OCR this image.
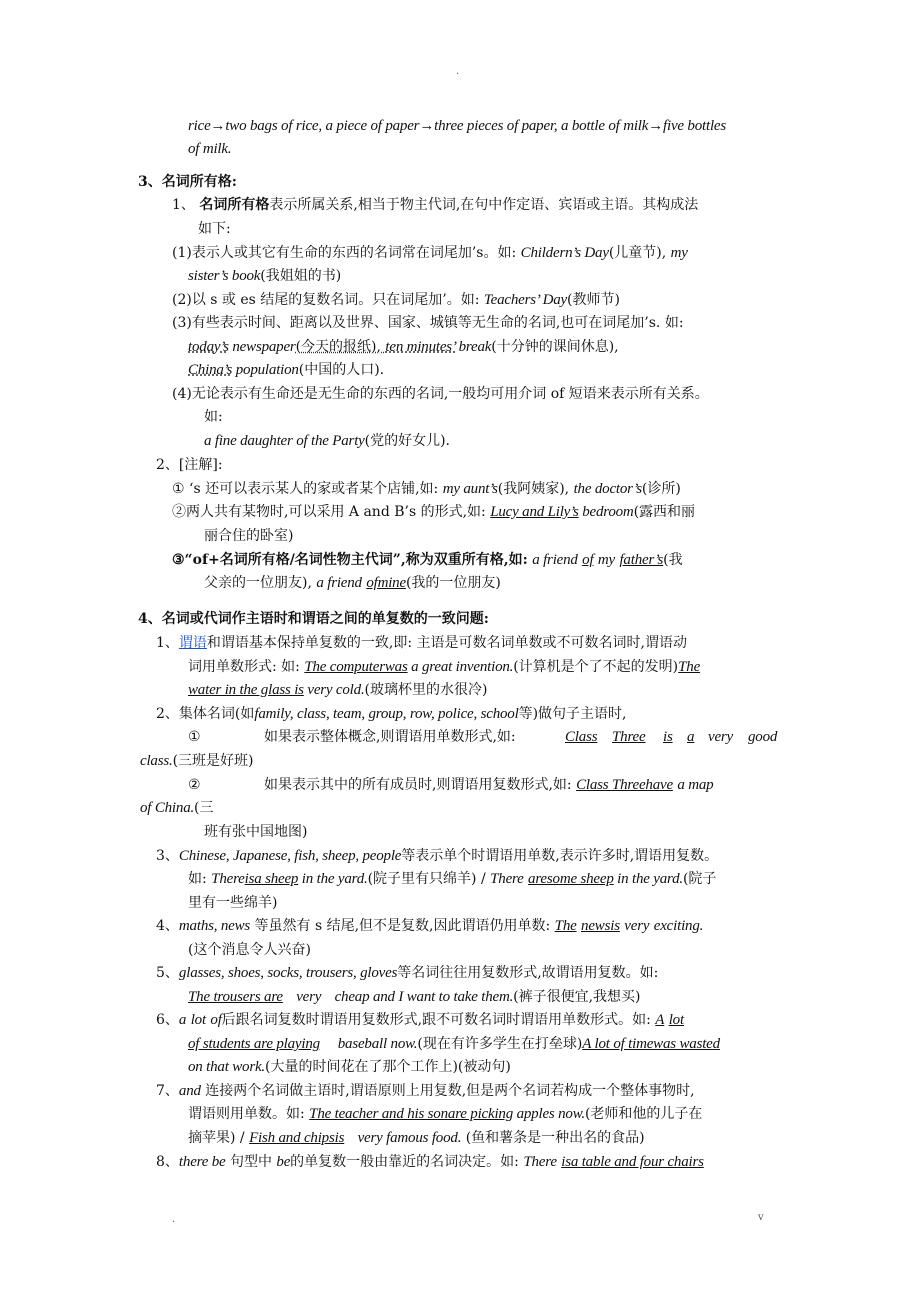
.
rice→two bags of rice, a piece of paper→three pieces of paper, a bottle of milk→five bottles
of milk.
3、名词所有格:
1、 名词所有格表示所属关系,相当于物主代词,在句中作定语、宾语或主语。其构成法
如下:
(1)表示人或其它有生命的东西的名词常在词尾加’s。如: Childern’s Day(儿童节), my
sister’s book(我姐姐的书)
(2)以 s 或 es 结尾的复数名词。只在词尾加’。如: Teachers’ Day(教师节)
(3)有些表示时间、距离以及世界、国家、城镇等无生命的名词,也可在词尾加’s. 如:
today’s newspaper(今天的报纸), ten minutes’ break(十分钟的课间休息),
China’s population(中国的人口).
(4)无论表示有生命还是无生命的东西的名词,一般均可用介词 of 短语来表示所有关系。
如:
a fine daughter of the Party(党的好女儿).
2、[注解]:
① ‘s 还可以表示某人的家或者某个店铺,如: my aunt’s(我阿姨家), the doctor’s(诊所)
②两人共有某物时,可以采用 A and B’s 的形式,如: Lucy and Lily’s bedroom(露西和丽
丽合住的卧室)
③“of+名词所有格/名词性物主代词”,称为双重所有格,如: a friend of my father’s(我
父亲的一位朋友), a friend ofmine(我的一位朋友)
4、名词或代词作主语时和谓语之间的单复数的一致问题:
1、谓语和谓语基本保持单复数的一致,即: 主语是可数名词单数或不可数名词时,谓语动
词用单数形式: 如: The computerwas a great invention.(计算机是个了不起的发明)The
water in the glass is very cold.(玻璃杯里的水很冷)
2、集体名词(如family, class, team, group, row, police, school等)做句子主语时,
①	如果表示整体概念,则谓语用单数形式,如:	Class Three is a very good
class.(三班是好班)
②	如果表示其中的所有成员时,则谓语用复数形式,如: Class Threehave a map
of China.(三
班有张中国地图)
3、Chinese, Japanese, fish, sheep, people等表示单个时谓语用单数,表示许多时,谓语用复数。
如: Thereisa sheep in the yard.(院子里有只绵羊) / There aresome sheep in the yard.(院子
里有一些绵羊)
4、maths, news 等虽然有 s 结尾,但不是复数,因此谓语仍用单数: The newsis very exciting.
(这个消息令人兴奋)
5、glasses, shoes, socks, trousers, gloves等名词往往用复数形式,故谓语用复数。如:
The trousers are very cheap and I want to take them.(裤子很便宜,我想买)
6、a lot of后跟名词复数时谓语用复数形式,跟不可数名词时谓语用单数形式。如: A lot
of students are playing baseball now.(现在有许多学生在打垒球)A lot of timewas wasted
on that work.(大量的时间花在了那个工作上)(被动句)
7、and 连接两个名词做主语时,谓语原则上用复数,但是两个名词若构成一个整体事物时,
谓语则用单数。如: The teacher and his sonare picking apples now.(老师和他的儿子在
摘苹果) / Fish and chipsis very famous food. (鱼和薯条是一种出名的食品)
8、there be 句型中 be的单复数一般由靠近的名词决定。如: There isa table and four chairs
.	v
